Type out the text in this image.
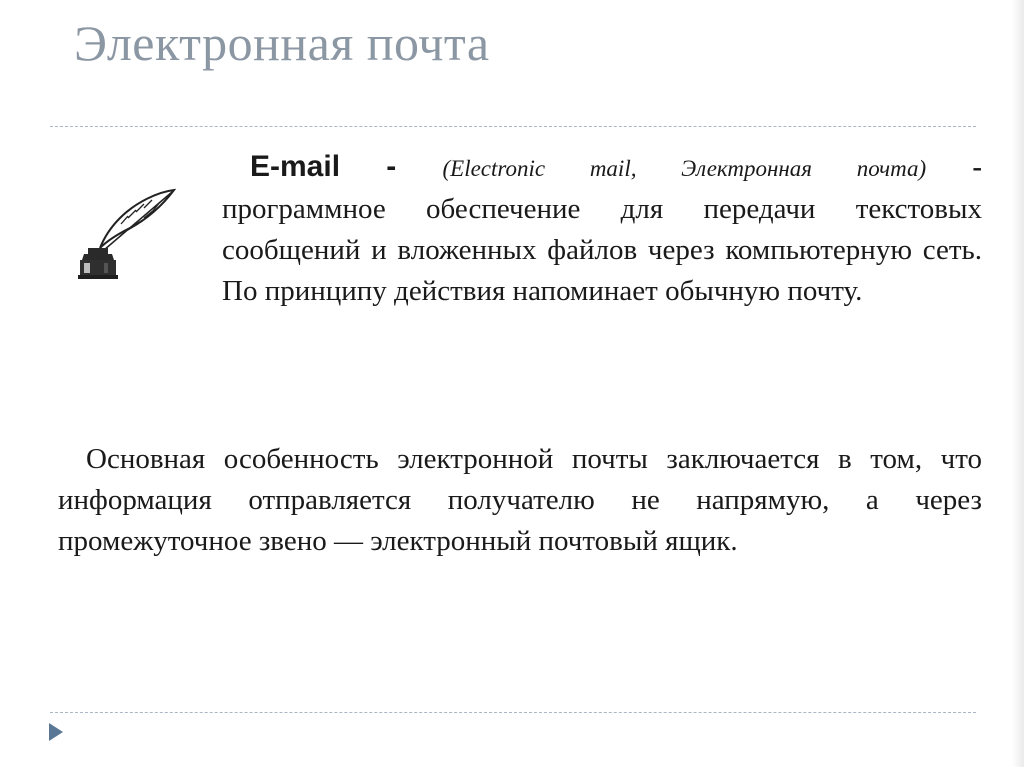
Электронная почта
E-mail - (Electronic mail, Электронная почта) -
программное обеспечение для передачи текстовых сообщений и вложенных файлов через компьютерную сеть. По принципу действия напоминает обычную почту.
Основная особенность электронной почты заключается в том, что информация отправляется получателю не напрямую, а через промежуточное звено — электронный почтовый ящик.
